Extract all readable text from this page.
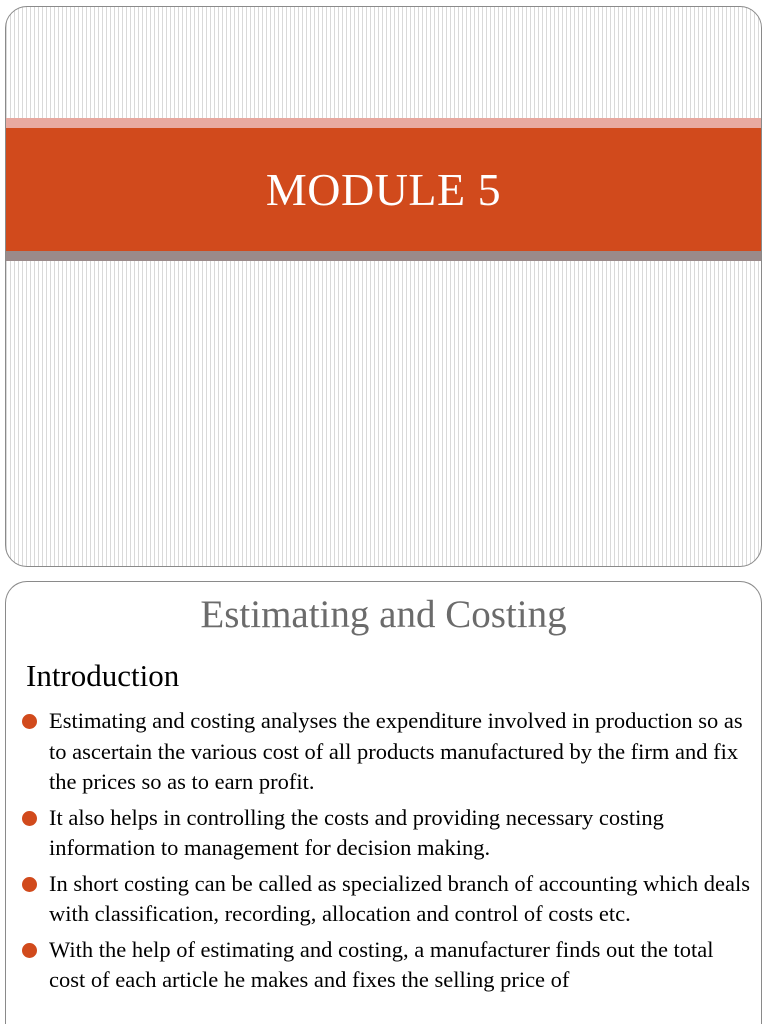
MODULE 5
Estimating and Costing
Introduction
Estimating and costing analyses the expenditure involved in production so as to ascertain the various cost of all products manufactured by the firm and fix the prices so as to earn profit.
It also helps in controlling the costs and providing necessary costing information to management for decision making.
In short costing can be called as specialized branch of accounting which deals with classification, recording, allocation and control of costs etc.
With the help of estimating and costing, a manufacturer finds out the total cost of each article he makes and fixes the selling price of
